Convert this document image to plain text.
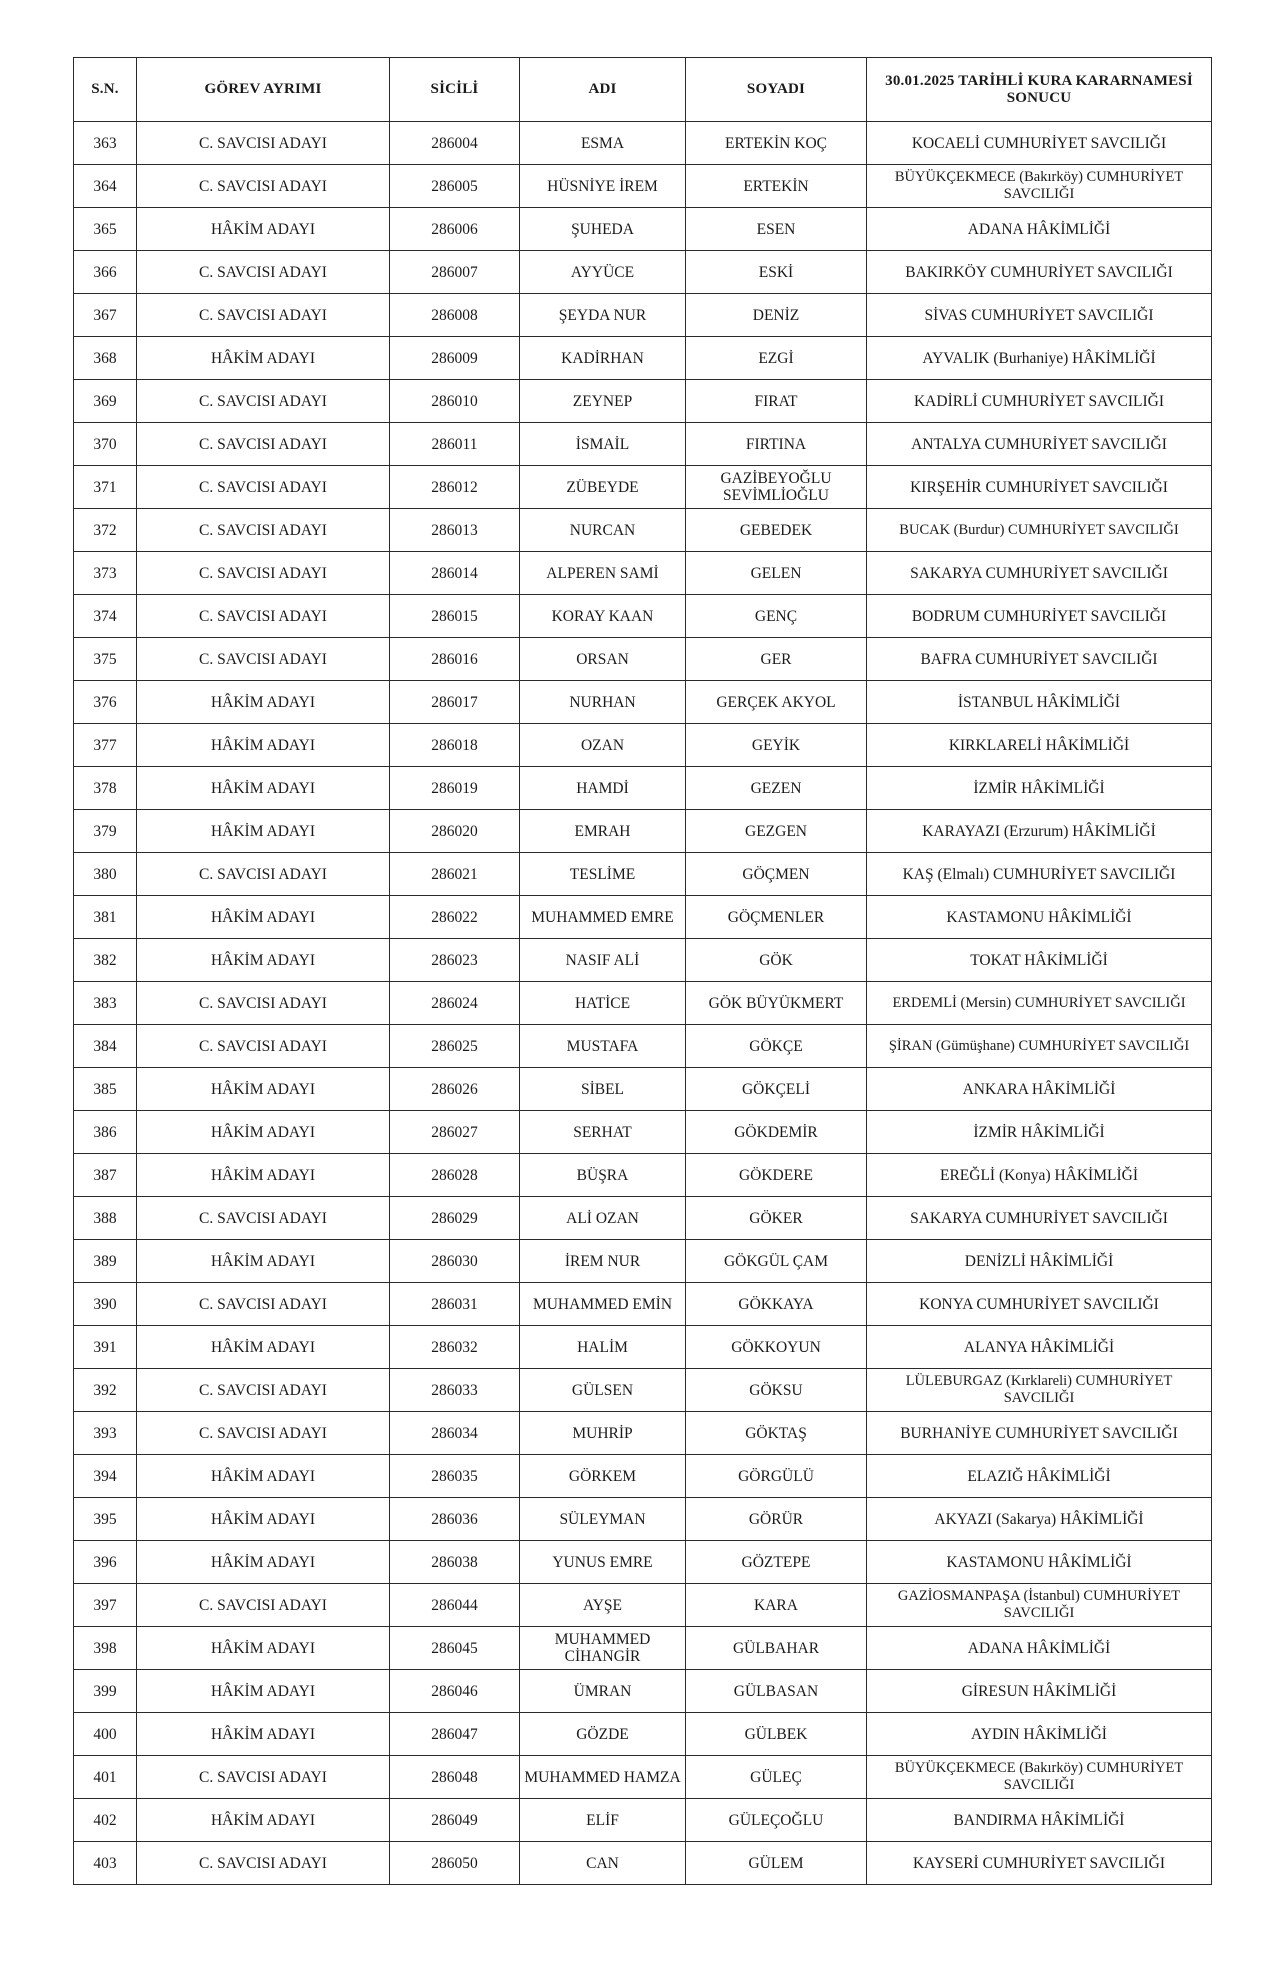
S.N.	GÖREV AYRIMI	SİCİLİ	ADI	SOYADI	30.01.2025 TARİHLİ KURA KARARNAMESİ SONUCU
363	C. SAVCISI ADAYI	286004	ESMA	ERTEKİN KOÇ	KOCAELİ CUMHURİYET SAVCILIĞI
364	C. SAVCISI ADAYI	286005	HÜSNİYE İREM	ERTEKİN	BÜYÜKÇEKMECE (Bakırköy) CUMHURİYET SAVCILIĞI
365	HÂKİM ADAYI	286006	ŞUHEDA	ESEN	ADANA HÂKİMLİĞİ
366	C. SAVCISI ADAYI	286007	AYYÜCE	ESKİ	BAKIRKÖY CUMHURİYET SAVCILIĞI
367	C. SAVCISI ADAYI	286008	ŞEYDA NUR	DENİZ	SİVAS CUMHURİYET SAVCILIĞI
368	HÂKİM ADAYI	286009	KADİRHAN	EZGİ	AYVALIK (Burhaniye) HÂKİMLİĞİ
369	C. SAVCISI ADAYI	286010	ZEYNEP	FIRAT	KADİRLİ CUMHURİYET SAVCILIĞI
370	C. SAVCISI ADAYI	286011	İSMAİL	FIRTINA	ANTALYA CUMHURİYET SAVCILIĞI
371	C. SAVCISI ADAYI	286012	ZÜBEYDE	GAZİBEYOĞLU SEVİMLİOĞLU	KIRŞEHİR CUMHURİYET SAVCILIĞI
372	C. SAVCISI ADAYI	286013	NURCAN	GEBEDEK	BUCAK (Burdur) CUMHURİYET SAVCILIĞI
373	C. SAVCISI ADAYI	286014	ALPEREN SAMİ	GELEN	SAKARYA CUMHURİYET SAVCILIĞI
374	C. SAVCISI ADAYI	286015	KORAY KAAN	GENÇ	BODRUM CUMHURİYET SAVCILIĞI
375	C. SAVCISI ADAYI	286016	ORSAN	GER	BAFRA CUMHURİYET SAVCILIĞI
376	HÂKİM ADAYI	286017	NURHAN	GERÇEK AKYOL	İSTANBUL HÂKİMLİĞİ
377	HÂKİM ADAYI	286018	OZAN	GEYİK	KIRKLARELİ HÂKİMLİĞİ
378	HÂKİM ADAYI	286019	HAMDİ	GEZEN	İZMİR HÂKİMLİĞİ
379	HÂKİM ADAYI	286020	EMRAH	GEZGEN	KARAYAZI (Erzurum) HÂKİMLİĞİ
380	C. SAVCISI ADAYI	286021	TESLİME	GÖÇMEN	KAŞ (Elmalı) CUMHURİYET SAVCILIĞI
381	HÂKİM ADAYI	286022	MUHAMMED EMRE	GÖÇMENLER	KASTAMONU HÂKİMLİĞİ
382	HÂKİM ADAYI	286023	NASIF ALİ	GÖK	TOKAT HÂKİMLİĞİ
383	C. SAVCISI ADAYI	286024	HATİCE	GÖK BÜYÜKMERT	ERDEMLİ (Mersin) CUMHURİYET SAVCILIĞI
384	C. SAVCISI ADAYI	286025	MUSTAFA	GÖKÇE	ŞİRAN (Gümüşhane) CUMHURİYET SAVCILIĞI
385	HÂKİM ADAYI	286026	SİBEL	GÖKÇELİ	ANKARA HÂKİMLİĞİ
386	HÂKİM ADAYI	286027	SERHAT	GÖKDEMİR	İZMİR HÂKİMLİĞİ
387	HÂKİM ADAYI	286028	BÜŞRA	GÖKDERE	EREĞLİ (Konya) HÂKİMLİĞİ
388	C. SAVCISI ADAYI	286029	ALİ OZAN	GÖKER	SAKARYA CUMHURİYET SAVCILIĞI
389	HÂKİM ADAYI	286030	İREM NUR	GÖKGÜL ÇAM	DENİZLİ HÂKİMLİĞİ
390	C. SAVCISI ADAYI	286031	MUHAMMED EMİN	GÖKKAYA	KONYA CUMHURİYET SAVCILIĞI
391	HÂKİM ADAYI	286032	HALİM	GÖKKOYUN	ALANYA HÂKİMLİĞİ
392	C. SAVCISI ADAYI	286033	GÜLSEN	GÖKSU	LÜLEBURGAZ (Kırklareli) CUMHURİYET SAVCILIĞI
393	C. SAVCISI ADAYI	286034	MUHRİP	GÖKTAŞ	BURHANİYE CUMHURİYET SAVCILIĞI
394	HÂKİM ADAYI	286035	GÖRKEM	GÖRGÜLÜ	ELAZIĞ HÂKİMLİĞİ
395	HÂKİM ADAYI	286036	SÜLEYMAN	GÖRÜR	AKYAZI (Sakarya) HÂKİMLİĞİ
396	HÂKİM ADAYI	286038	YUNUS EMRE	GÖZTEPE	KASTAMONU HÂKİMLİĞİ
397	C. SAVCISI ADAYI	286044	AYŞE	KARA	GAZİOSMANPAŞA (İstanbul) CUMHURİYET SAVCILIĞI
398	HÂKİM ADAYI	286045	MUHAMMED CİHANGİR	GÜLBAHAR	ADANA HÂKİMLİĞİ
399	HÂKİM ADAYI	286046	ÜMRAN	GÜLBASAN	GİRESUN HÂKİMLİĞİ
400	HÂKİM ADAYI	286047	GÖZDE	GÜLBEK	AYDIN HÂKİMLİĞİ
401	C. SAVCISI ADAYI	286048	MUHAMMED HAMZA	GÜLEÇ	BÜYÜKÇEKMECE (Bakırköy) CUMHURİYET SAVCILIĞI
402	HÂKİM ADAYI	286049	ELİF	GÜLEÇOĞLU	BANDIRMA HÂKİMLİĞİ
403	C. SAVCISI ADAYI	286050	CAN	GÜLEM	KAYSERİ CUMHURİYET SAVCILIĞI
